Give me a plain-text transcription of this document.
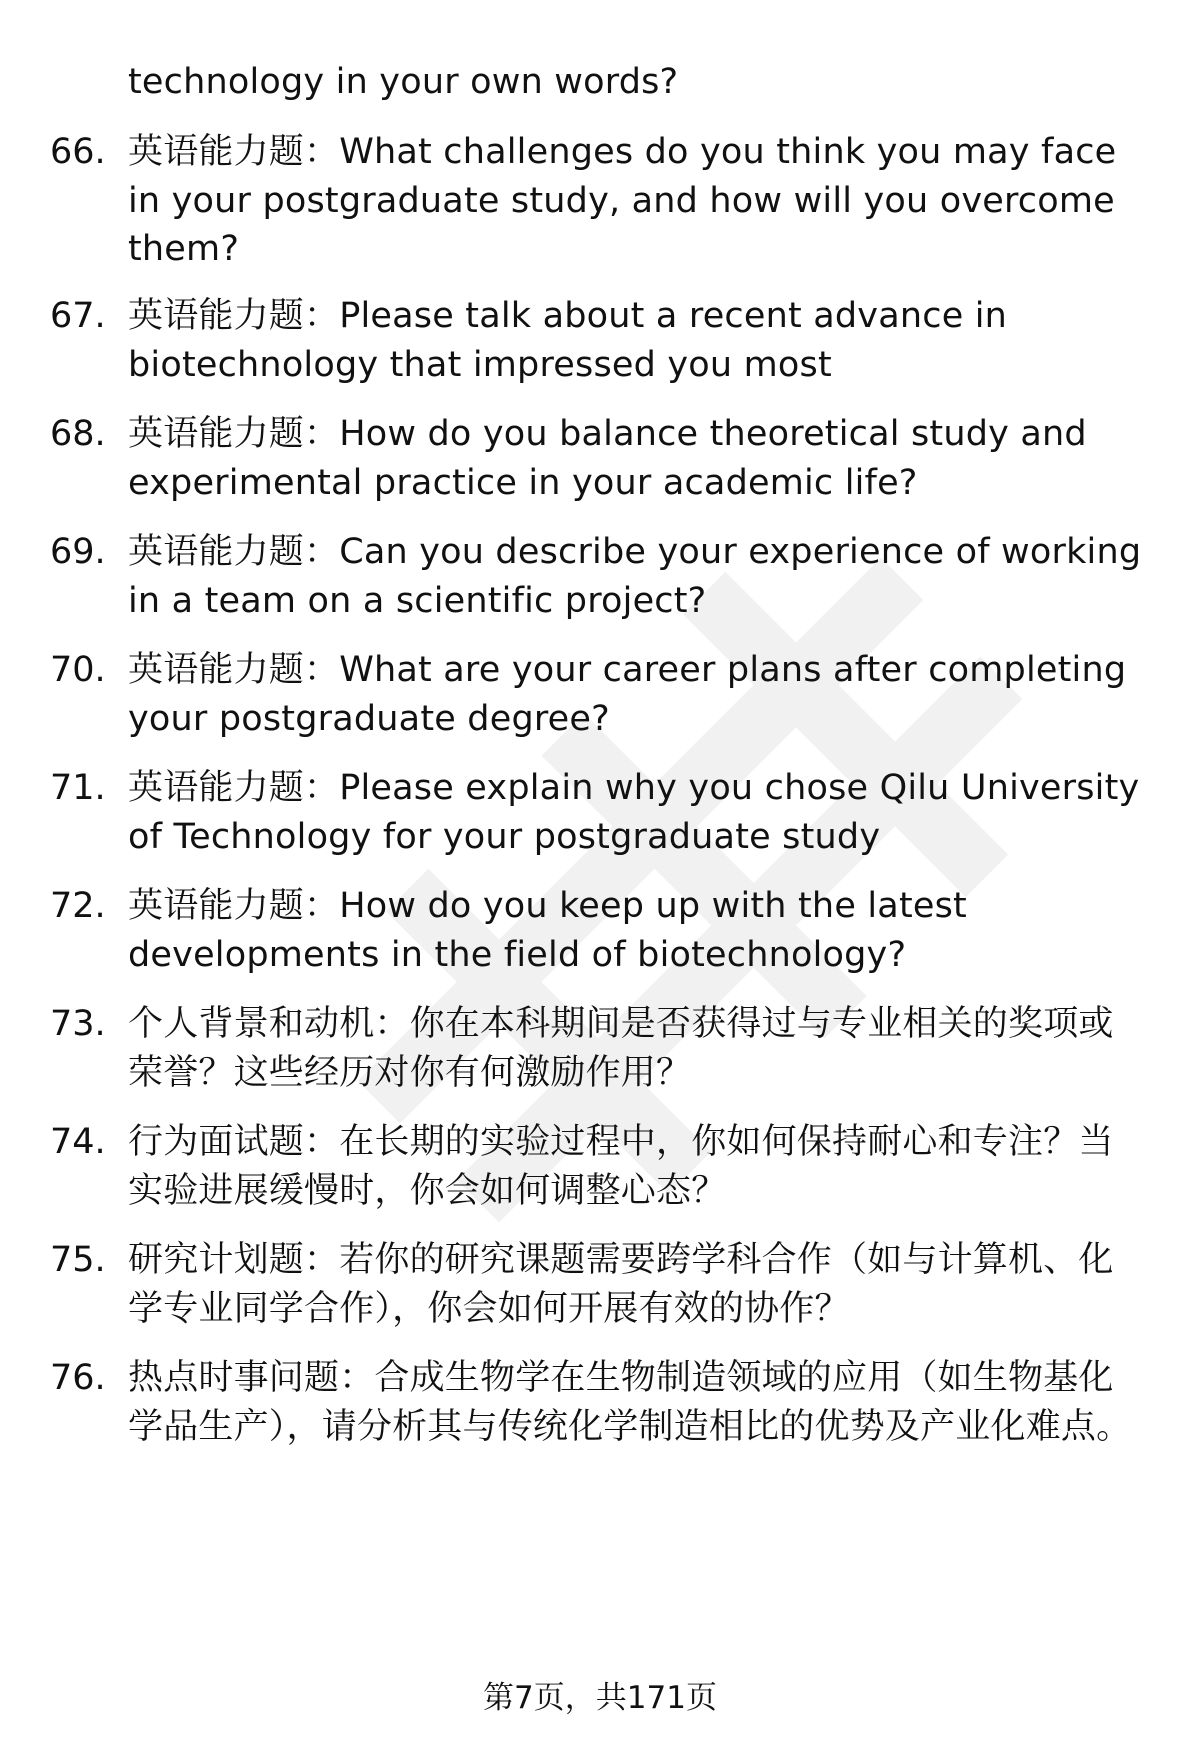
technology in your own words?
66. 英语能力题：What challenges do you think you may face in your postgraduate study, and how will you overcome them?
67. 英语能力题：Please talk about a recent advance in biotechnology that impressed you most
68. 英语能力题：How do you balance theoretical study and experimental practice in your academic life?
69. 英语能力题：Can you describe your experience of working in a team on a scientific project?
70. 英语能力题：What are your career plans after completing your postgraduate degree?
71. 英语能力题：Please explain why you chose Qilu University of Technology for your postgraduate study
72. 英语能力题：How do you keep up with the latest developments in the field of biotechnology?
73. 个人背景和动机：你在本科期间是否获得过与专业相关的奖项或荣誉？这些经历对你有何激励作用？
74. 行为面试题：在长期的实验过程中，你如何保持耐心和专注？当实验进展缓慢时，你会如何调整心态？
75. 研究计划题：若你的研究课题需要跨学科合作（如与计算机、化学专业同学合作），你会如何开展有效的协作？
76. 热点时事问题：合成生物学在生物制造领域的应用（如生物基化学品生产），请分析其与传统化学制造相比的优势及产业化难点。
第7页，共171页
